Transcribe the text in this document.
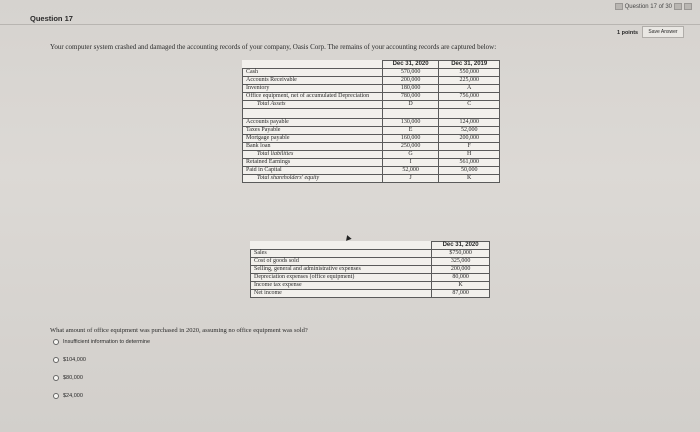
Question 17 of 30
Question 17
1 points	Save Answer
Your computer system crashed and damaged the accounting records of your company, Oasis Corp. The remains of your accounting records are captured below:
	Dec 31, 2020	Dec 31, 2019
Cash	570,000	550,000
Accounts Receivable	200,000	225,000
Inventory	180,000	A
Office equipment, net of accumulated Depreciation	780,000	756,000
Total Assets	D	C

Accounts payable	130,000	124,000
Taxes Payable	E	52,000
Mortgage payable	160,000	200,000
Bank loan	250,000	F
Total liabilities	G	H
Retained Earnings	I	561,000
Paid in Capital	52,000	50,000
Total shareholders' equity	J	K
	Dec 31, 2020
Sales	$750,000
Cost of goods sold	325,000
Selling, general and administrative expenses	200,000
Depreciation expenses (office equipment)	80,000
Income tax expense	K
Net income	87,000
What amount of office equipment was purchased in 2020, assuming no office equipment was sold?
Insufficient information to determine
$104,000
$80,000
$24,000
